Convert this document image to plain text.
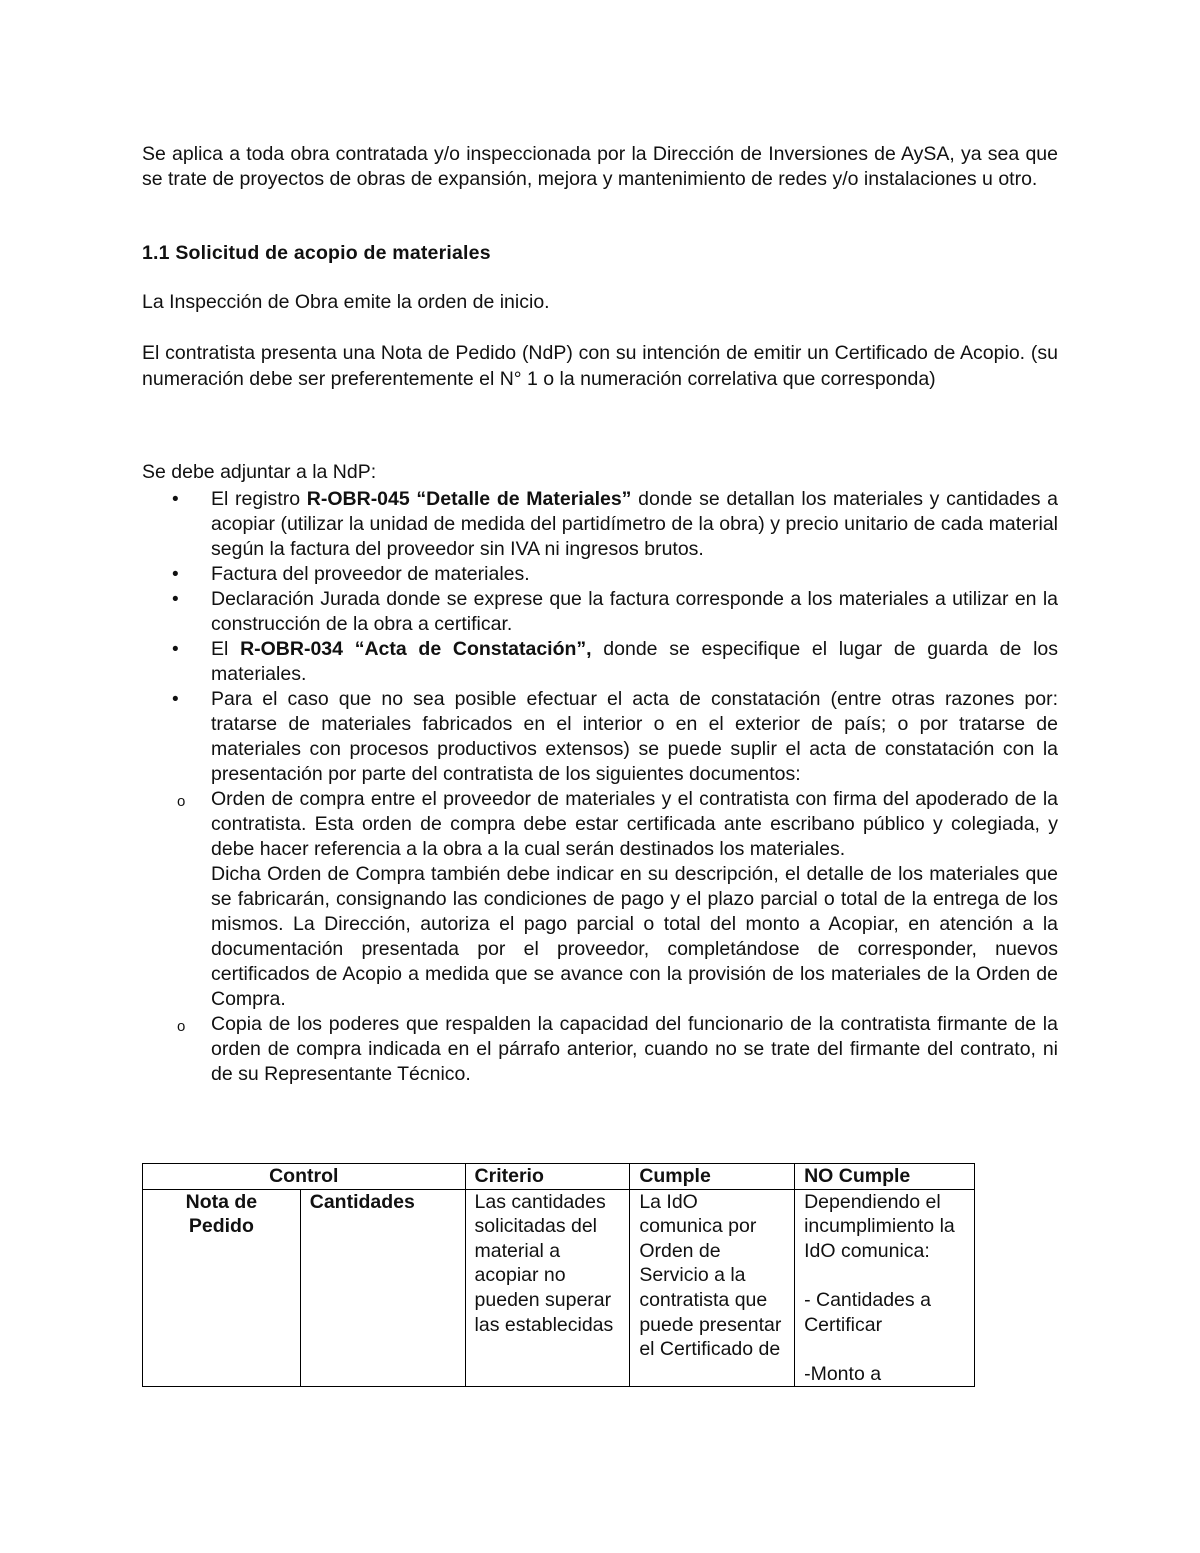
Se aplica a toda obra contratada y/o inspeccionada por la Dirección de Inversiones de AySA, ya sea que se trate de proyectos de obras de expansión, mejora y mantenimiento de redes y/o instalaciones u otro.
1.1 Solicitud de acopio de materiales
La Inspección de Obra emite la orden de inicio.
El contratista presenta una Nota de Pedido (NdP) con su intención de emitir un Certificado de Acopio. (su numeración debe ser preferentemente el N° 1 o la numeración correlativa que corresponda)
Se debe adjuntar a la NdP:
• El registro R-OBR-045 “Detalle de Materiales” donde se detallan los materiales y cantidades a acopiar (utilizar la unidad de medida del partidímetro de la obra) y precio unitario de cada material según la factura del proveedor sin IVA ni ingresos brutos.
• Factura del proveedor de materiales.
• Declaración Jurada donde se exprese que la factura corresponde a los materiales a utilizar en la construcción de la obra a certificar.
• El R-OBR-034 “Acta de Constatación”, donde se especifique el lugar de guarda de los materiales.
• Para el caso que no sea posible efectuar el acta de constatación (entre otras razones por: tratarse de materiales fabricados en el interior o en el exterior de país; o por tratarse de materiales con procesos productivos extensos) se puede suplir el acta de constatación con la presentación por parte del contratista de los siguientes documentos:
o Orden de compra entre el proveedor de materiales y el contratista con firma del apoderado de la contratista. Esta orden de compra debe estar certificada ante escribano público y colegiada, y debe hacer referencia a la obra a la cual serán destinados los materiales.
Dicha Orden de Compra también debe indicar en su descripción, el detalle de los materiales que se fabricarán, consignando las condiciones de pago y el plazo parcial o total de la entrega de los mismos. La Dirección, autoriza el pago parcial o total del monto a Acopiar, en atención a la documentación presentada por el proveedor, completándose de corresponder, nuevos certificados de Acopio a medida que se avance con la provisión de los materiales de la Orden de Compra.
o Copia de los poderes que respalden la capacidad del funcionario de la contratista firmante de la orden de compra indicada en el párrafo anterior, cuando no se trate del firmante del contrato, ni de su Representante Técnico.
Control		Criterio	Cumple	NO Cumple

Nota de Pedido	Cantidades	Las cantidades solicitadas del material a acopiar no pueden superar las establecidas	La IdO comunica por Orden de Servicio a la contratista que puede presentar el Certificado de	Dependiendo el incumplimiento la IdO comunica:
- Cantidades a Certificar
-Monto a
